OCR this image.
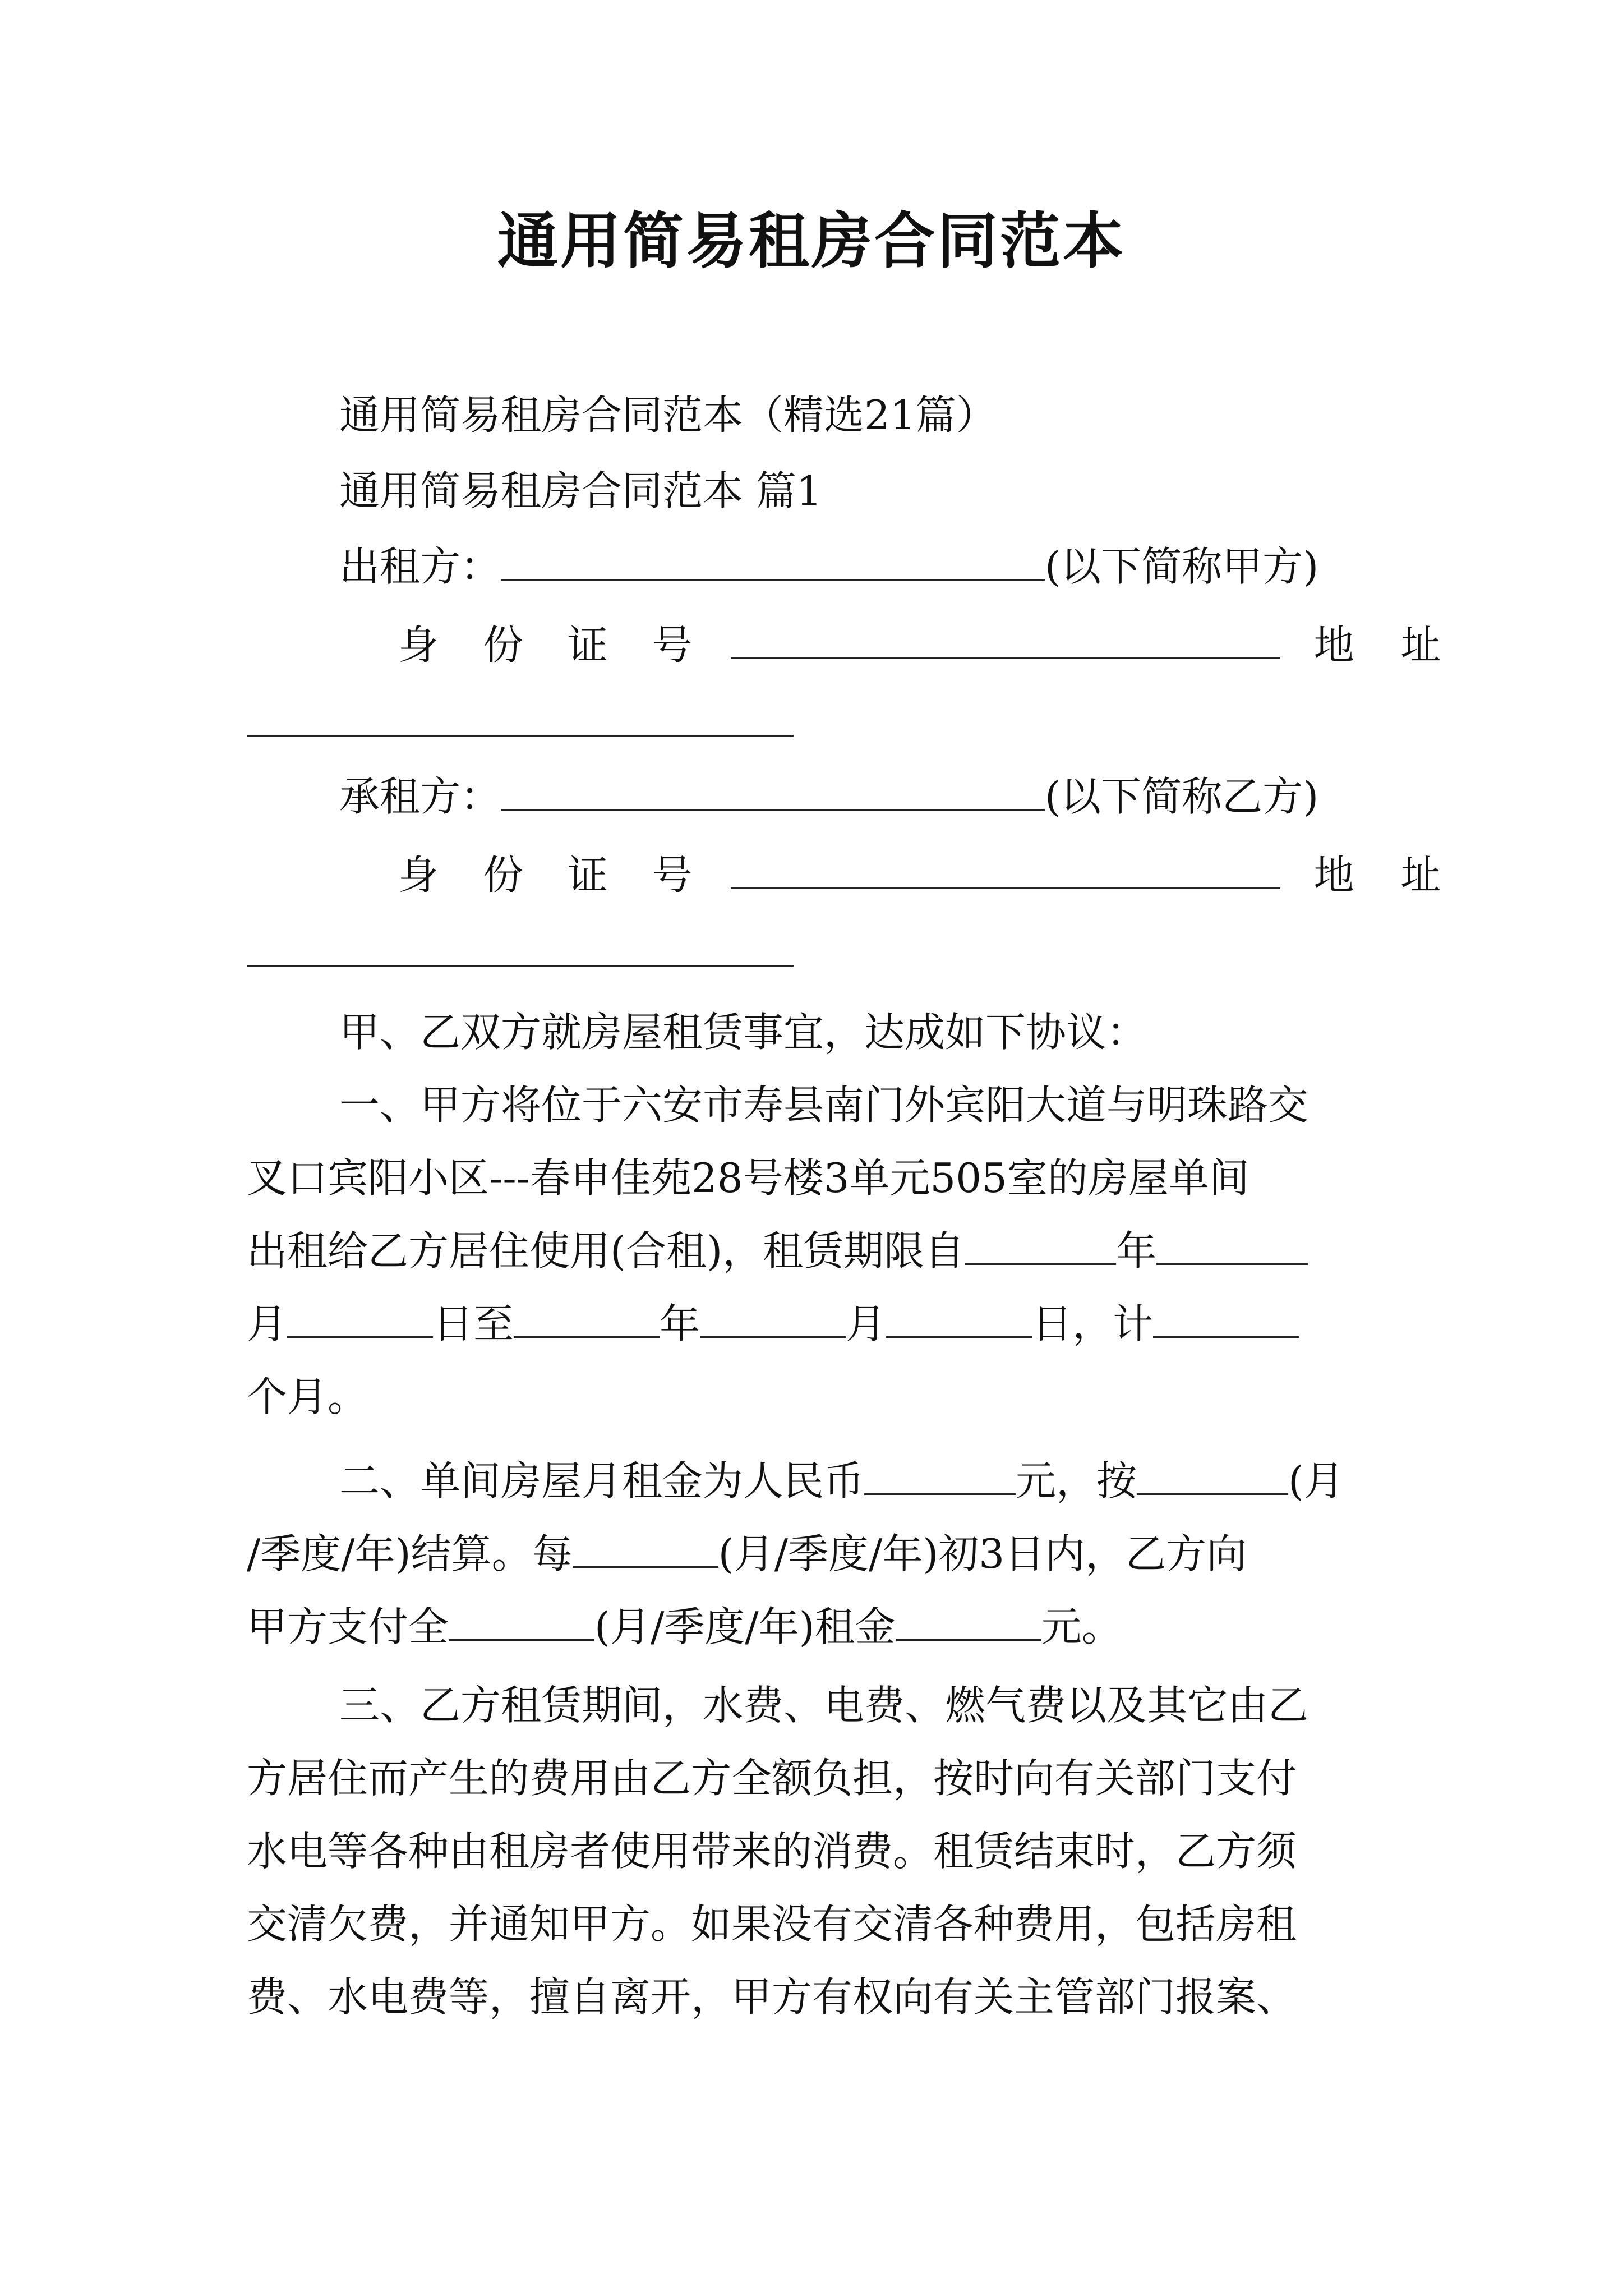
通用简易租房合同范本
通用简易租房合同范本（精选21篇）
通用简易租房合同范本 篇1
出租方：	(以下简称甲方)
身 份 证 号	地 址
承租方：	(以下简称乙方)
身 份 证 号	地 址
甲、乙双方就房屋租赁事宜，达成如下协议：
一、甲方将位于六安市寿县南门外宾阳大道与明珠路交
叉口宾阳小区---春申佳苑28号楼3单元505室的房屋单间
出租给乙方居住使用(合租)，租赁期限自	年
月	日至	年	月	日，计
个月。
二、单间房屋月租金为人民币	元，按	(月
/季度/年)结算。每	(月/季度/年)初3日内，乙方向
甲方支付全	(月/季度/年)租金	元。
三、乙方租赁期间，水费、电费、燃气费以及其它由乙
方居住而产生的费用由乙方全额负担，按时向有关部门支付
水电等各种由租房者使用带来的消费。租赁结束时，乙方须
交清欠费，并通知甲方。如果没有交清各种费用，包括房租
费、水电费等，擅自离开，甲方有权向有关主管部门报案、
